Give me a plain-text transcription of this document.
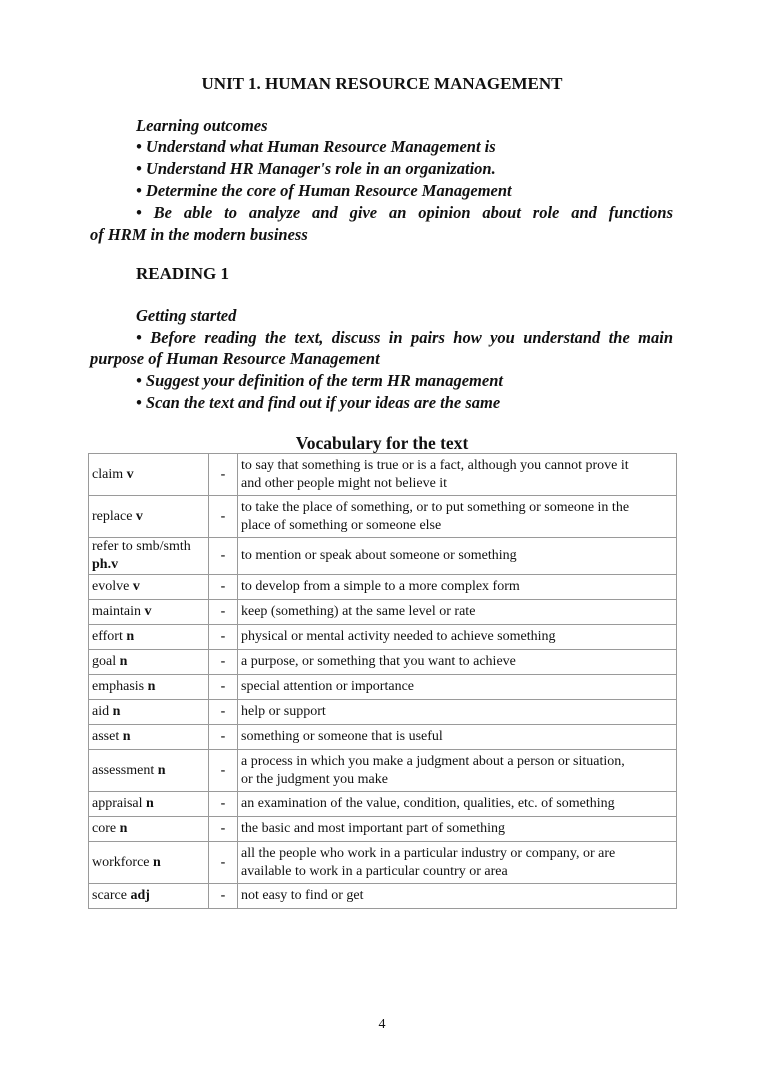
UNIT 1. HUMAN RESOURCE MANAGEMENT
Learning outcomes
• Understand what Human Resource Management is
• Understand HR Manager's role in an organization.
• Determine the core of Human Resource Management
• Be able to analyze and give an opinion about role and functions
of HRM in the modern business
READING 1
Getting started
• Before reading the text, discuss in pairs how you understand the main
purpose of Human Resource Management
• Suggest your definition of the term HR management
• Scan the text and find out if your ideas are the same
Vocabulary for the text
claim v	-	to say that something is true or is a fact, although you cannot prove it
and other people might not believe it
replace v	-	to take the place of something, or to put something or someone in the
place of something or someone else
refer to smb/smth
ph.v	-	to mention or speak about someone or something
evolve v	-	to develop from a simple to a more complex form
maintain v	-	keep (something) at the same level or rate
effort n	-	physical or mental activity needed to achieve something
goal n	-	a purpose, or something that you want to achieve
emphasis n	-	special attention or importance
aid n	-	help or support
asset n	-	something or someone that is useful
assessment n	-	a process in which you make a judgment about a person or situation,
or the judgment you make
appraisal n	-	an examination of the value, condition, qualities, etc. of something
core n	-	the basic and most important part of something
workforce n	-	all the people who work in a particular industry or company, or are
available to work in a particular country or area
scarce adj	-	not easy to find or get
4
